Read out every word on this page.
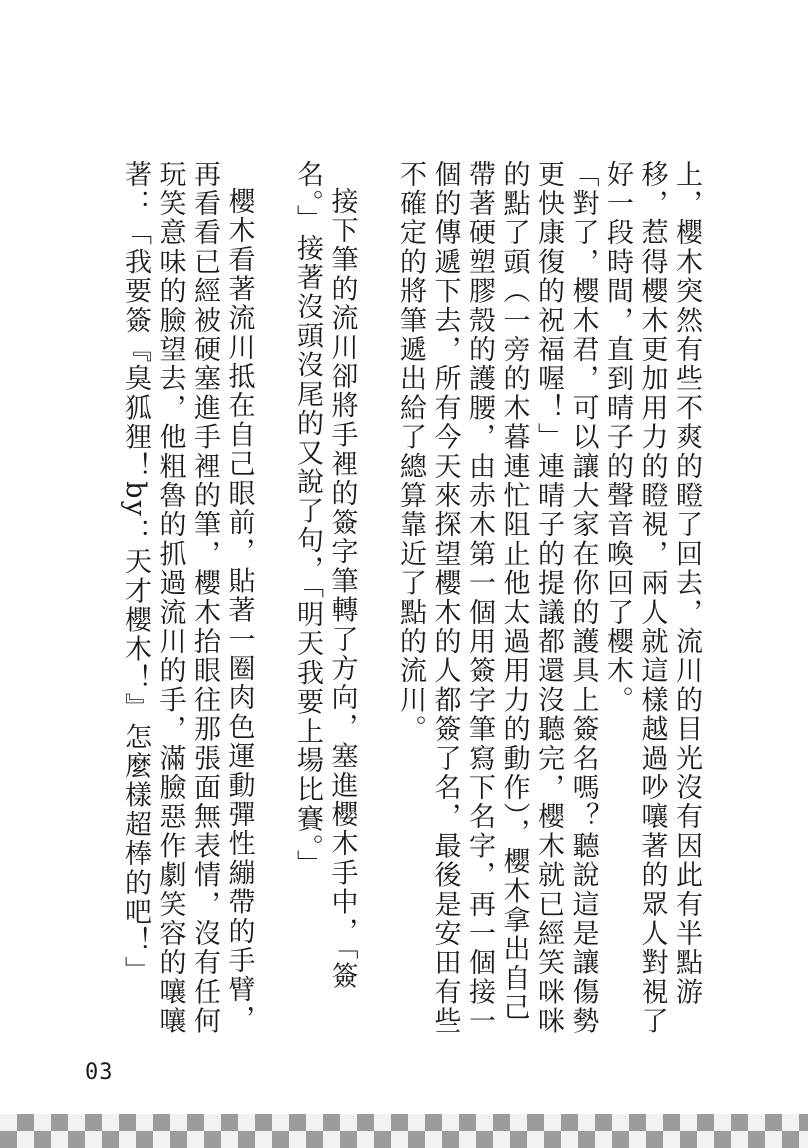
上，櫻木突然有些不爽的瞪了回去，流川的目光沒有因此有半點游移，惹得櫻木更加用力的瞪視，兩人就這樣越過吵嚷著的眾人對視了好一段時間，直到晴子的聲音喚回了櫻木。

「對了，櫻木君，可以讓大家在你的護具上簽名嗎？聽說這是讓傷勢更快康復的祝福喔！」連晴子的提議都還沒聽完，櫻木就已經笑咪咪的點了頭（一旁的木暮連忙阻止他太過用力的動作），櫻木拿出自己帶著硬塑膠殼的護腰，由赤木第一個用簽字筆寫下名字，再一個接一個的傳遞下去，所有今天來探望櫻木的人都簽了名，最後是安田有些不確定的將筆遞出給了總算靠近了點的流川。

接下筆的流川卻將手裡的簽字筆轉了方向，塞進櫻木手中，「簽名。」接著沒頭沒尾的又說了句，「明天我要上場比賽。」

櫻木看著流川抵在自己眼前，貼著一圈肉色運動彈性繃帶的手臂，再看看已經被硬塞進手裡的筆，櫻木抬眼往那張面無表情，沒有任何玩笑意味的臉望去，他粗魯的抓過流川的手，滿臉惡作劇笑容的嚷嚷著：「我要簽『臭狐狸！by：天才櫻木！』怎麼樣超棒的吧！」

03
